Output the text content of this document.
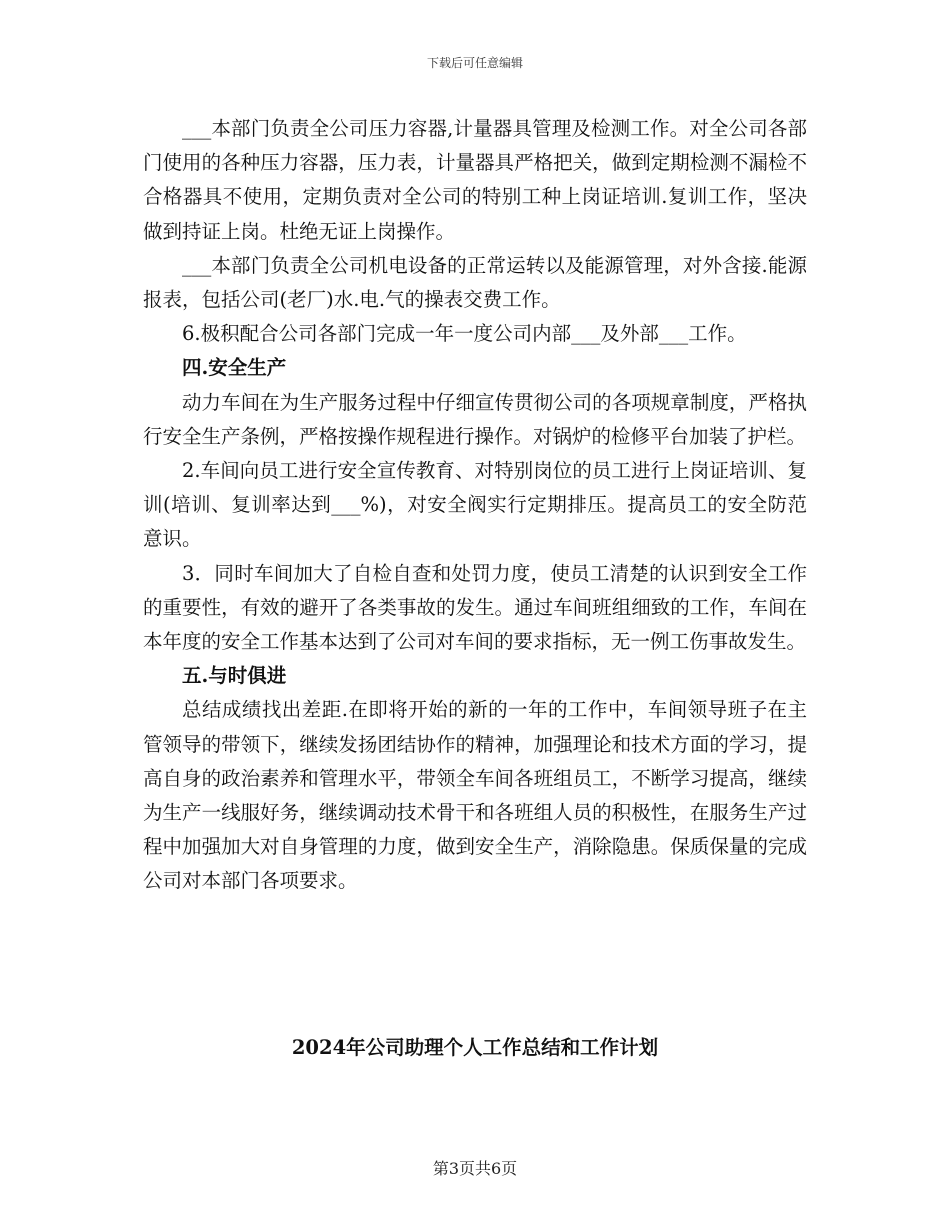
下载后可任意编辑

___本部门负责全公司压力容器,计量器具管理及检测工作。对全公司各部门使用的各种压力容器，压力表，计量器具严格把关，做到定期检测不漏检不合格器具不使用，定期负责对全公司的特别工种上岗证培训.复训工作，坚决做到持证上岗。杜绝无证上岗操作。

___本部门负责全公司机电设备的正常运转以及能源管理，对外含接.能源报表，包括公司(老厂)水.电.气的操表交费工作。

6.极积配合公司各部门完成一年一度公司内部___及外部___工作。

四.安全生产

动力车间在为生产服务过程中仔细宣传贯彻公司的各项规章制度，严格执行安全生产条例，严格按操作规程进行操作。对锅炉的检修平台加装了护栏。

2.车间向员工进行安全宣传教育、对特别岗位的员工进行上岗证培训、复训(培训、复训率达到___%)，对安全阀实行定期排压。提高员工的安全防范意识。

3．同时车间加大了自检自查和处罚力度，使员工清楚的认识到安全工作的重要性，有效的避开了各类事故的发生。通过车间班组细致的工作，车间在本年度的安全工作基本达到了公司对车间的要求指标，无一例工伤事故发生。

五.与时俱进

总结成绩找出差距.在即将开始的新的一年的工作中，车间领导班子在主管领导的带领下，继续发扬团结协作的精神，加强理论和技术方面的学习，提高自身的政治素养和管理水平，带领全车间各班组员工，不断学习提高，继续为生产一线服好务，继续调动技术骨干和各班组人员的积极性，在服务生产过程中加强加大对自身管理的力度，做到安全生产，消除隐患。保质保量的完成公司对本部门各项要求。

2024年公司助理个人工作总结和工作计划
第3页共6页
